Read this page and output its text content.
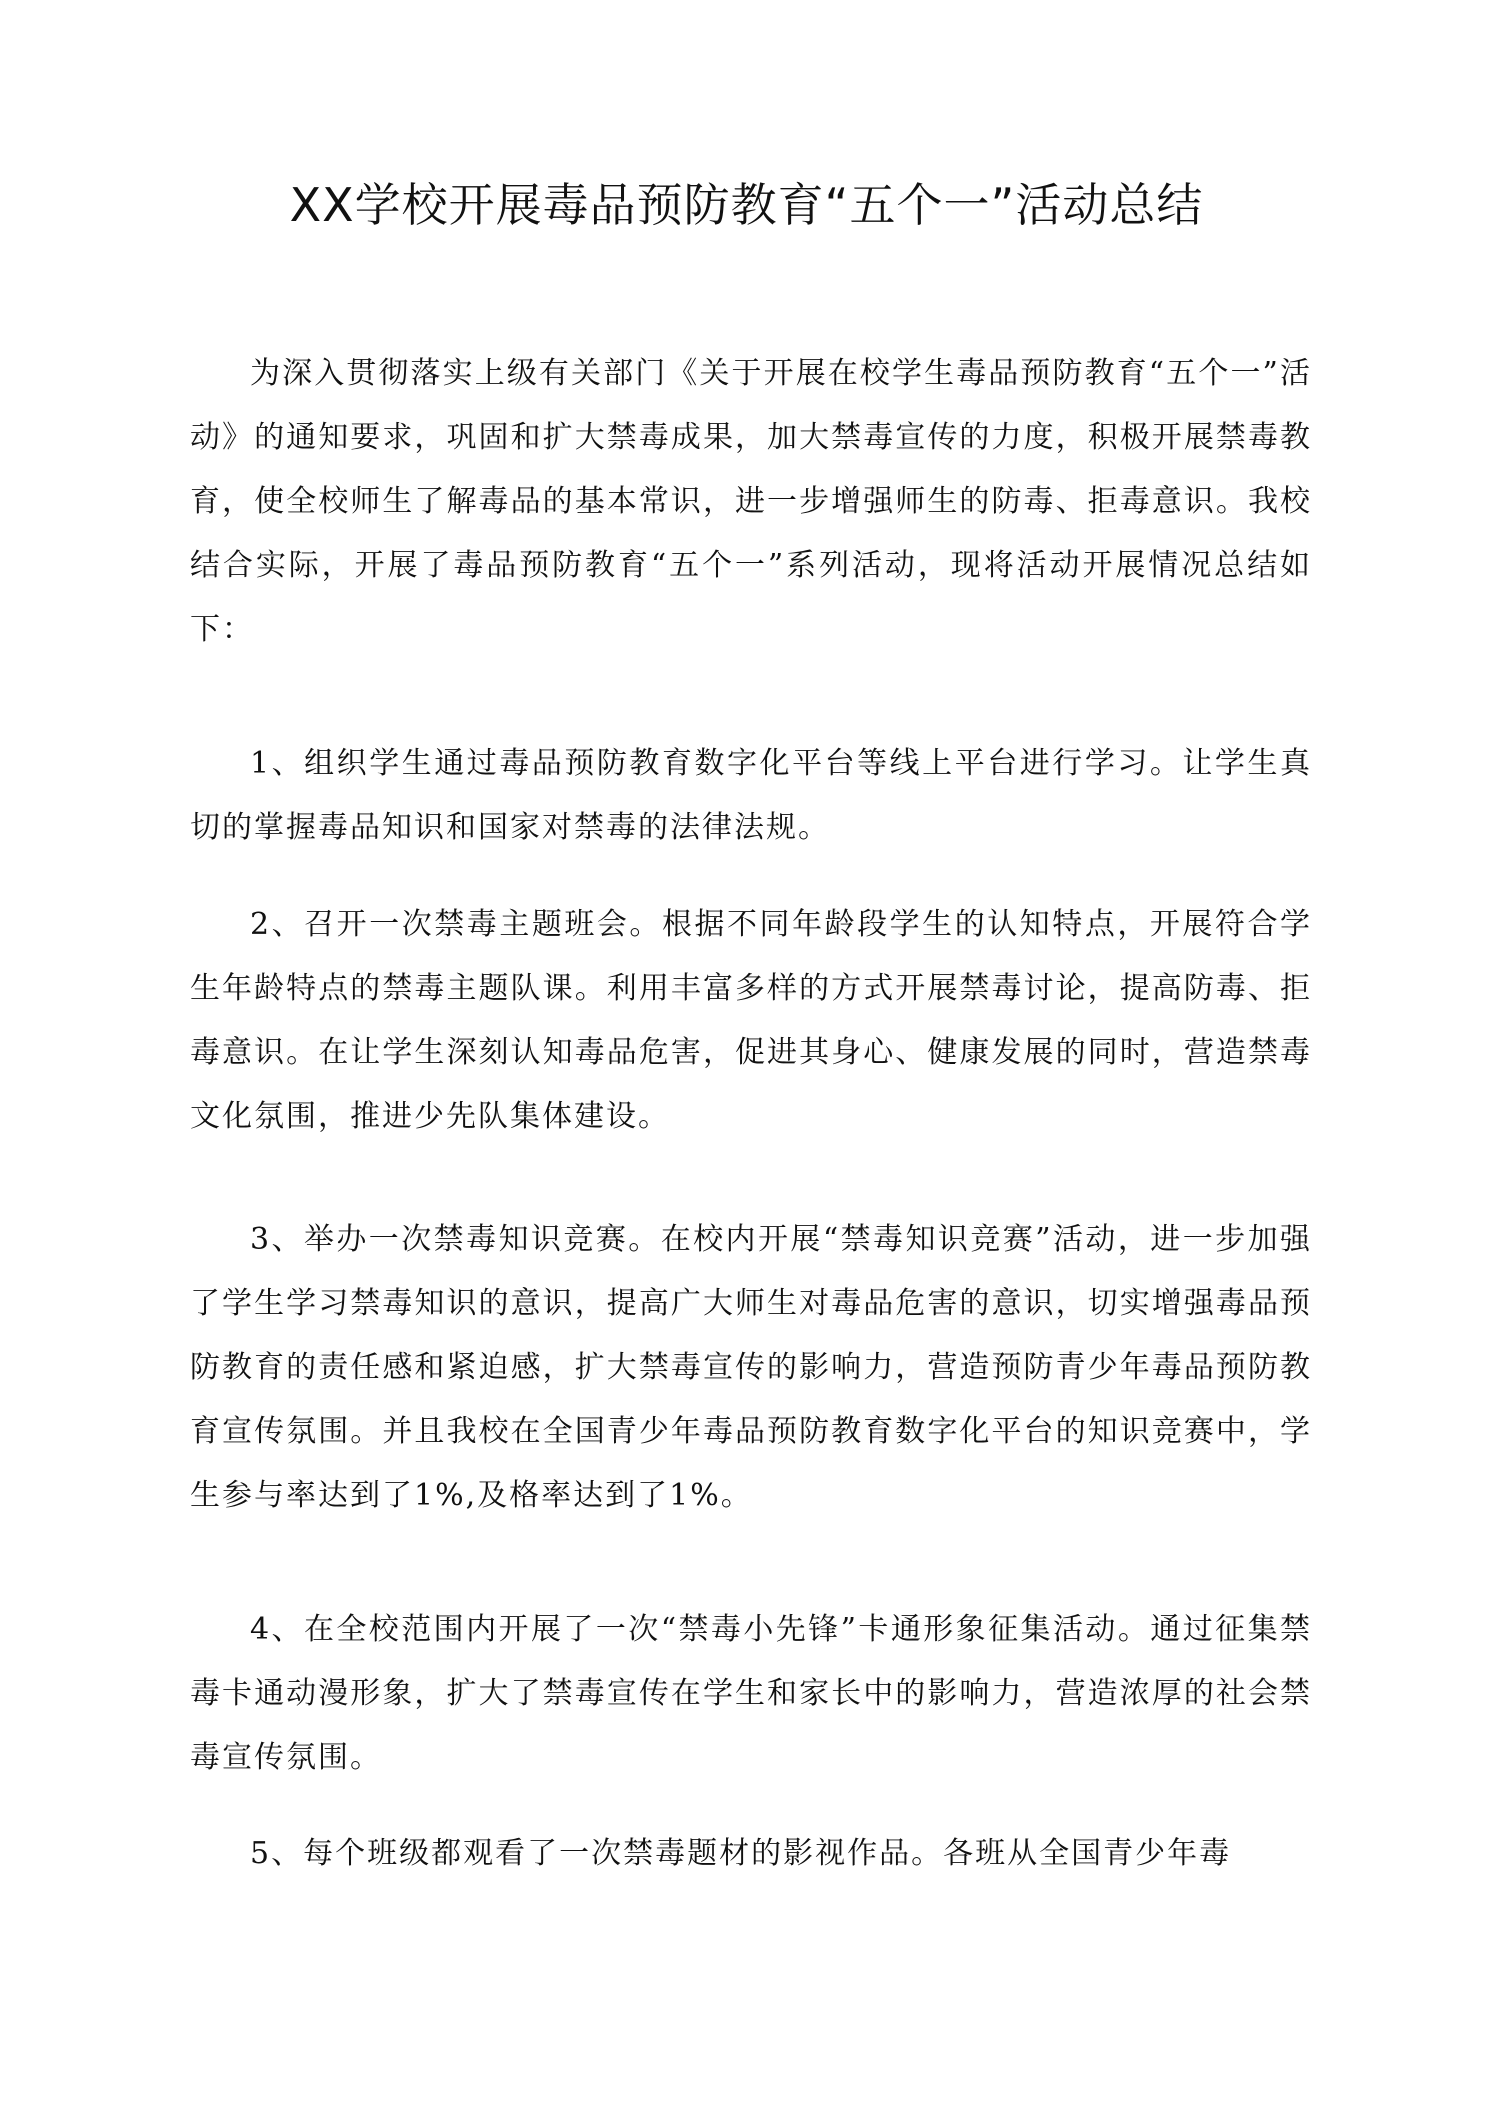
XX学校开展毒品预防教育“五个一”活动总结

为深入贯彻落实上级有关部门《关于开展在校学生毒品预防教育“五个一”活动》的通知要求，巩固和扩大禁毒成果，加大禁毒宣传的力度，积极开展禁毒教育，使全校师生了解毒品的基本常识，进一步增强师生的防毒、拒毒意识。我校结合实际，开展了毒品预防教育“五个一”系列活动，现将活动开展情况总结如下：

1、组织学生通过毒品预防教育数字化平台等线上平台进行学习。让学生真切的掌握毒品知识和国家对禁毒的法律法规。

2、召开一次禁毒主题班会。根据不同年龄段学生的认知特点，开展符合学生年龄特点的禁毒主题队课。利用丰富多样的方式开展禁毒讨论，提高防毒、拒毒意识。在让学生深刻认知毒品危害，促进其身心、健康发展的同时，营造禁毒文化氛围，推进少先队集体建设。

3、举办一次禁毒知识竞赛。在校内开展“禁毒知识竞赛”活动，进一步加强了学生学习禁毒知识的意识，提高广大师生对毒品危害的意识，切实增强毒品预防教育的责任感和紧迫感，扩大禁毒宣传的影响力，营造预防青少年毒品预防教育宣传氛围。并且我校在全国青少年毒品预防教育数字化平台的知识竞赛中，学生参与率达到了1%,及格率达到了1%。

4、在全校范围内开展了一次“禁毒小先锋”卡通形象征集活动。通过征集禁毒卡通动漫形象，扩大了禁毒宣传在学生和家长中的影响力，营造浓厚的社会禁毒宣传氛围。

5、每个班级都观看了一次禁毒题材的影视作品。各班从全国青少年毒
